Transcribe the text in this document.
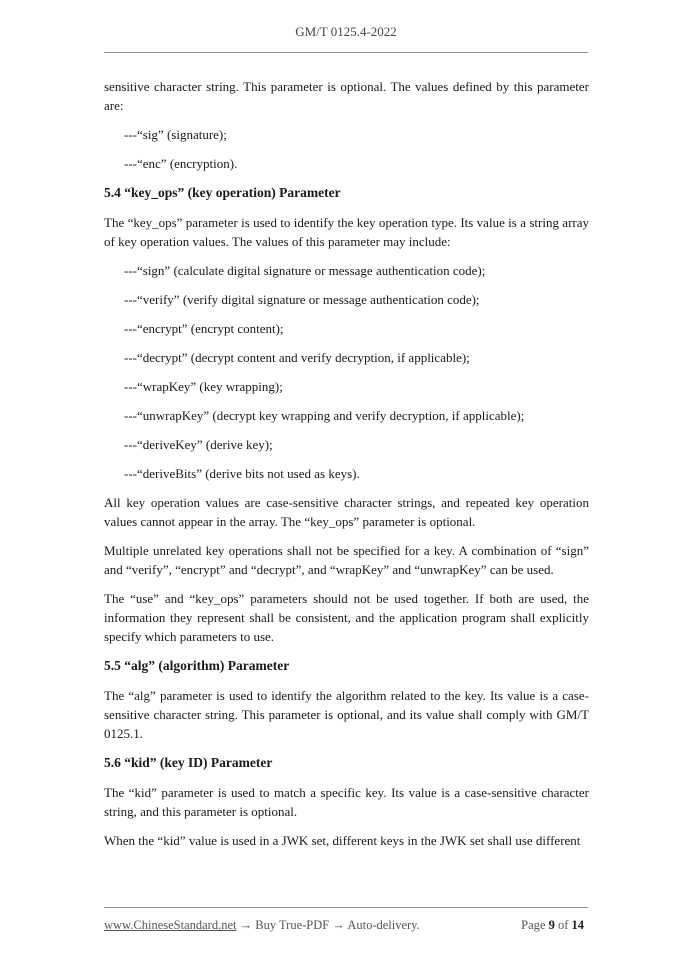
GM/T 0125.4-2022

sensitive character string. This parameter is optional. The values defined by this parameter are:

---“sig” (signature);

---“enc” (encryption).

5.4 “key_ops” (key operation) Parameter

The “key_ops” parameter is used to identify the key operation type. Its value is a string array of key operation values. The values of this parameter may include:

---“sign” (calculate digital signature or message authentication code);

---“verify” (verify digital signature or message authentication code);

---“encrypt” (encrypt content);

---“decrypt” (decrypt content and verify decryption, if applicable);

---“wrapKey” (key wrapping);

---“unwrapKey” (decrypt key wrapping and verify decryption, if applicable);

---“deriveKey” (derive key);

---“deriveBits” (derive bits not used as keys).

All key operation values are case-sensitive character strings, and repeated key operation values cannot appear in the array. The “key_ops” parameter is optional.

Multiple unrelated key operations shall not be specified for a key. A combination of “sign” and “verify”, “encrypt” and “decrypt”, and “wrapKey” and “unwrapKey” can be used.

The “use” and “key_ops” parameters should not be used together. If both are used, the information they represent shall be consistent, and the application program shall explicitly specify which parameters to use.

5.5 “alg” (algorithm) Parameter

The “alg” parameter is used to identify the algorithm related to the key. Its value is a case-sensitive character string. This parameter is optional, and its value shall comply with GM/T 0125.1.

5.6 “kid” (key ID) Parameter

The “kid” parameter is used to match a specific key. Its value is a case-sensitive character string, and this parameter is optional.

When the “kid” value is used in a JWK set, different keys in the JWK set shall use different

www.ChineseStandard.net → Buy True-PDF → Auto-delivery.	Page 9 of 14
